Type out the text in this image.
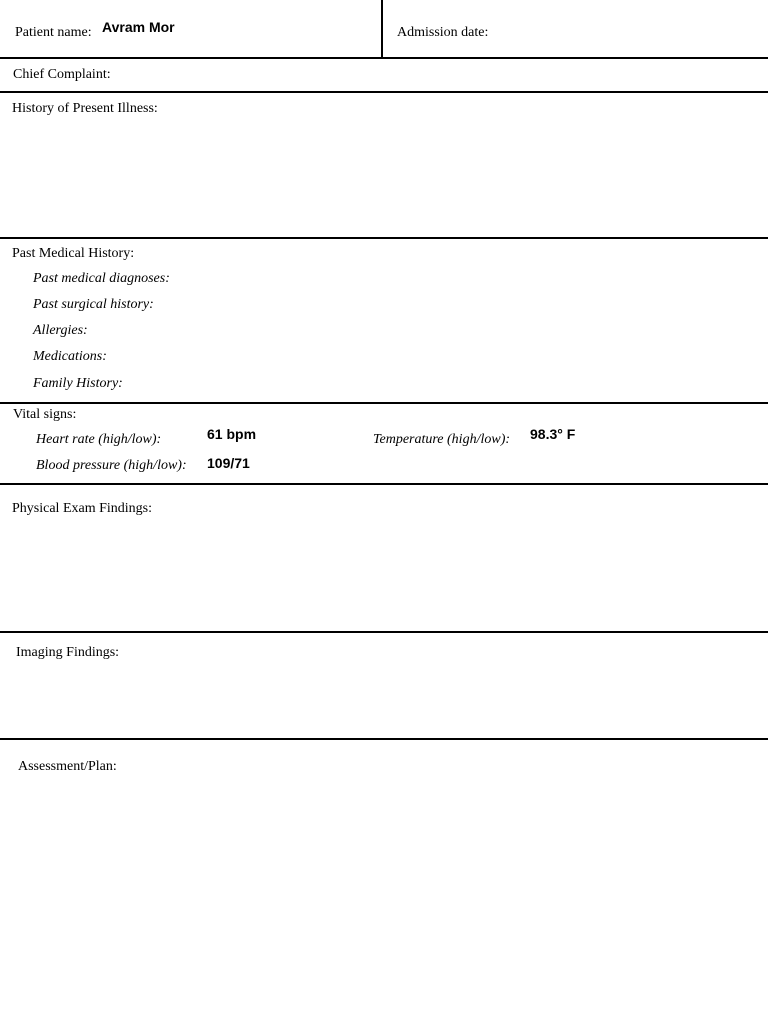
Patient name: Avram Mor	Admission date:
Chief Complaint:
History of Present Illness:
Past Medical History:
Past medical diagnoses:
Past surgical history:
Allergies:
Medications:
Family History:
Vital signs:
Heart rate (high/low):	61 bpm	Temperature (high/low): 98.3° F
Blood pressure (high/low): 109/71
Physical Exam Findings:
Imaging Findings:
Assessment/Plan:
